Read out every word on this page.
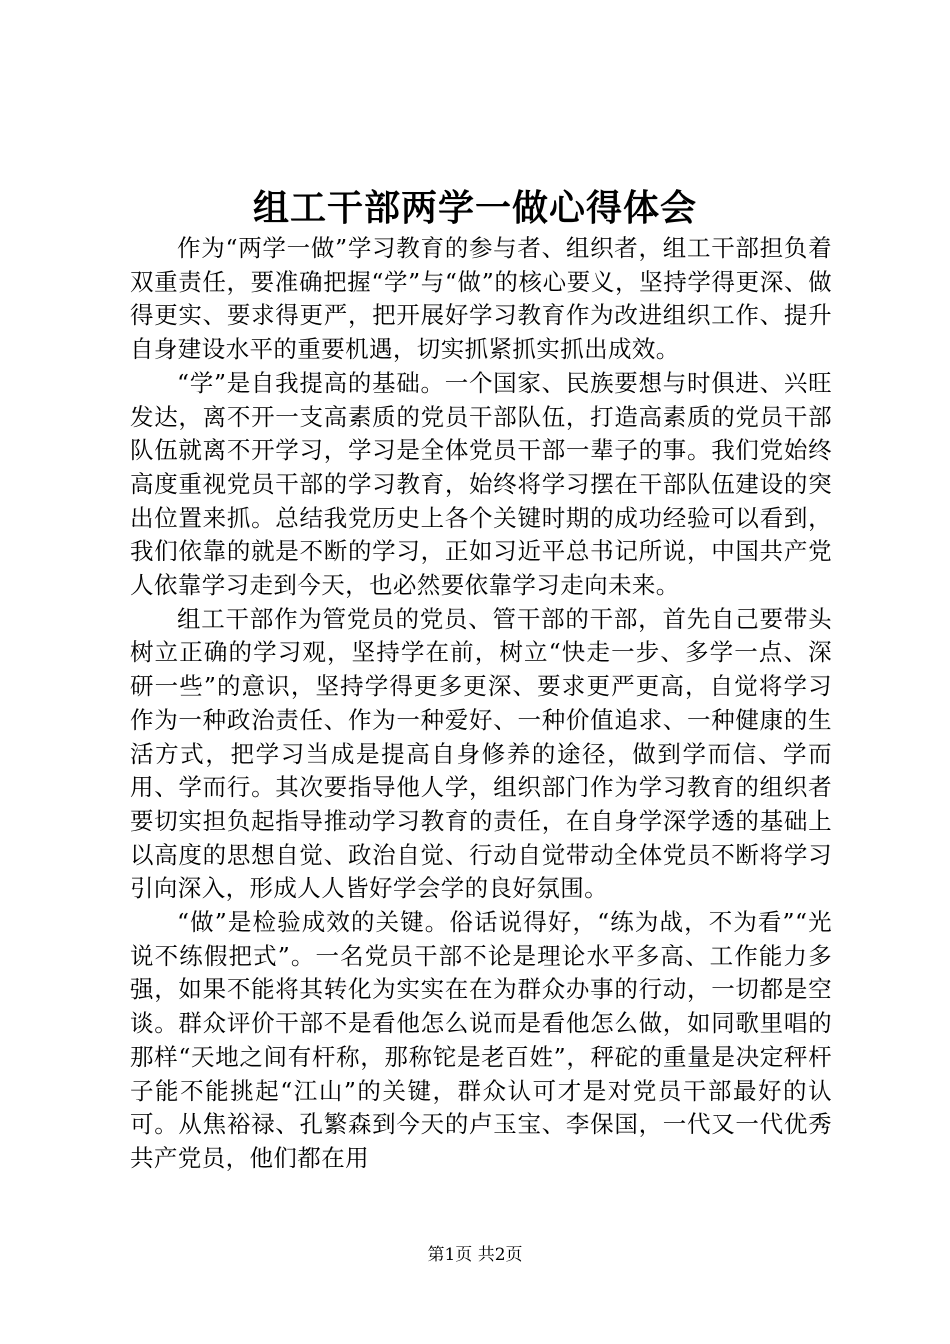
组工干部两学一做心得体会

作为“两学一做”学习教育的参与者、组织者，组工干部担负着双重责任，要准确把握“学”与“做”的核心要义，坚持学得更深、做得更实、要求得更严，把开展好学习教育作为改进组织工作、提升自身建设水平的重要机遇，切实抓紧抓实抓出成效。

“学”是自我提高的基础。一个国家、民族要想与时俱进、兴旺发达，离不开一支高素质的党员干部队伍，打造高素质的党员干部队伍就离不开学习，学习是全体党员干部一辈子的事。我们党始终高度重视党员干部的学习教育，始终将学习摆在干部队伍建设的突出位置来抓。总结我党历史上各个关键时期的成功经验可以看到，我们依靠的就是不断的学习，正如习近平总书记所说，中国共产党人依靠学习走到今天，也必然要依靠学习走向未来。

组工干部作为管党员的党员、管干部的干部，首先自己要带头树立正确的学习观，坚持学在前，树立“快走一步、多学一点、深研一些”的意识，坚持学得更多更深、要求更严更高，自觉将学习作为一种政治责任、作为一种爱好、一种价值追求、一种健康的生活方式，把学习当成是提高自身修养的途径，做到学而信、学而用、学而行。其次要指导他人学，组织部门作为学习教育的组织者要切实担负起指导推动学习教育的责任，在自身学深学透的基础上以高度的思想自觉、政治自觉、行动自觉带动全体党员不断将学习引向深入，形成人人皆好学会学的良好氛围。

“做”是检验成效的关键。俗话说得好，“练为战，不为看”“光说不练假把式”。一名党员干部不论是理论水平多高、工作能力多强，如果不能将其转化为实实在在为群众办事的行动，一切都是空谈。群众评价干部不是看他怎么说而是看他怎么做，如同歌里唱的那样“天地之间有杆称，那称铊是老百姓”，秤砣的重量是决定秤杆子能不能挑起“江山”的关键，群众认可才是对党员干部最好的认可。从焦裕禄、孔繁森到今天的卢玉宝、李保国，一代又一代优秀共产党员，他们都在用

第1页 共2页
